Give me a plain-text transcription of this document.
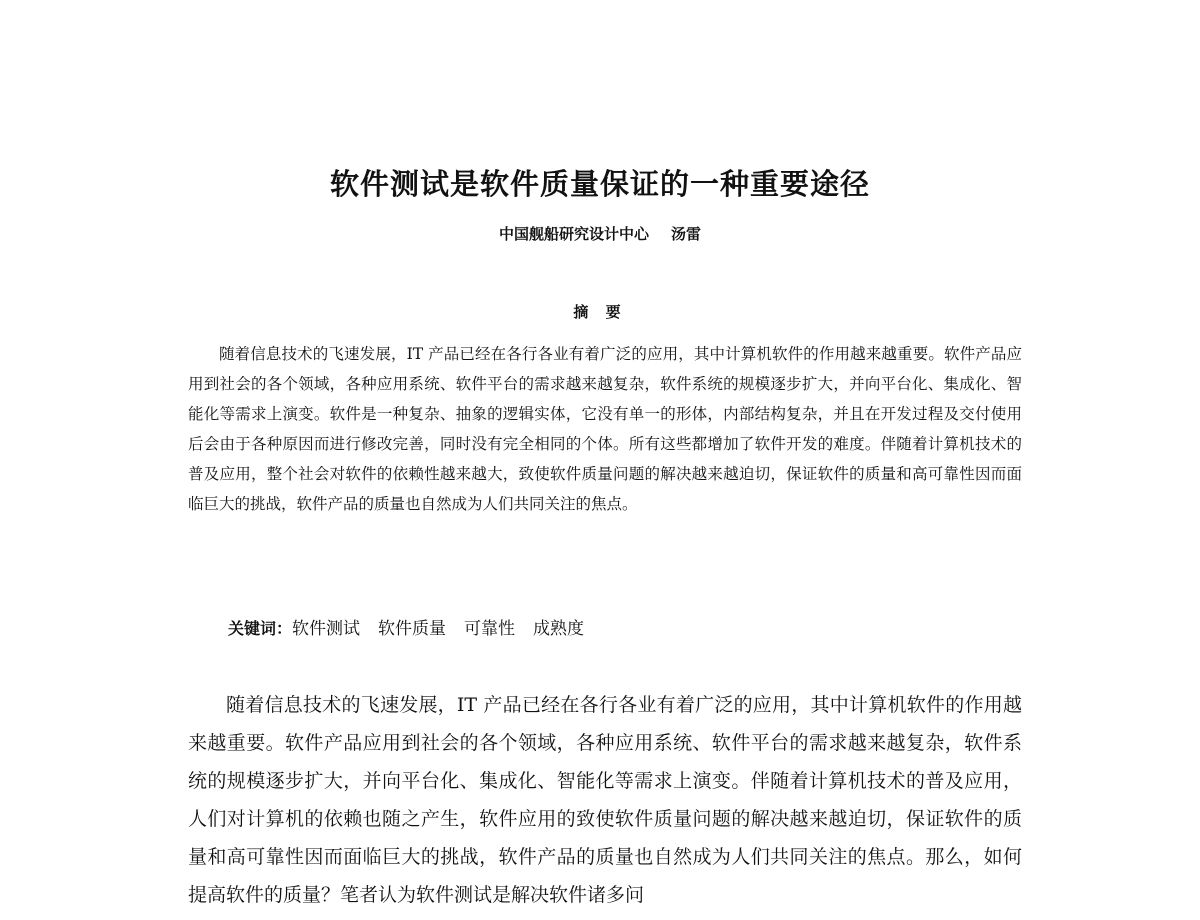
软件测试是软件质量保证的一种重要途径
中国舰船研究设计中心 汤雷
摘 要

随着信息技术的飞速发展，IT 产品已经在各行各业有着广泛的应用，其中计算机软件的作用越来越重要。软件产品应用到社会的各个领域，各种应用系统、软件平台的需求越来越复杂，软件系统的规模逐步扩大，并向平台化、集成化、智能化等需求上演变。软件是一种复杂、抽象的逻辑实体，它没有单一的形体，内部结构复杂，并且在开发过程及交付使用后会由于各种原因而进行修改完善，同时没有完全相同的个体。所有这些都增加了软件开发的难度。伴随着计算机技术的普及应用，整个社会对软件的依赖性越来越大，致使软件质量问题的解决越来越迫切，保证软件的质量和高可靠性因而面临巨大的挑战，软件产品的质量也自然成为人们共同关注的焦点。

关键词：软件测试 软件质量 可靠性 成熟度

随着信息技术的飞速发展，IT 产品已经在各行各业有着广泛的应用，其中计算机软件的作用越来越重要。软件产品应用到社会的各个领域，各种应用系统、软件平台的需求越来越复杂，软件系统的规模逐步扩大，并向平台化、集成化、智能化等需求上演变。伴随着计算机技术的普及应用，人们对计算机的依赖也随之产生，软件应用的致使软件质量问题的解决越来越迫切，保证软件的质量和高可靠性因而面临巨大的挑战，软件产品的质量也自然成为人们共同关注的焦点。那么，如何提高软件的质量？笔者认为软件测试是解决软件诸多问
